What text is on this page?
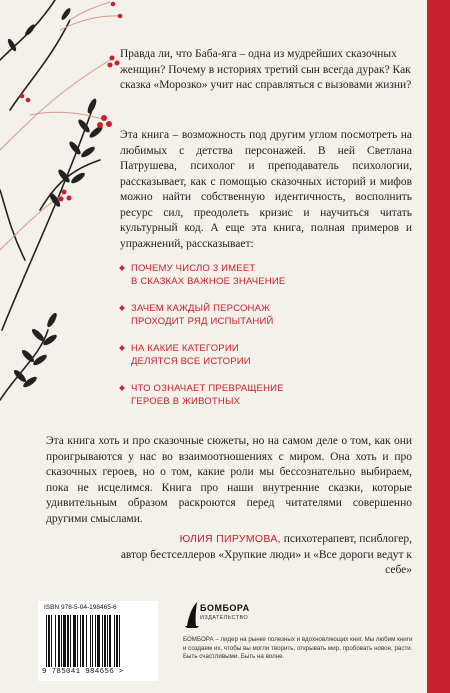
Правда ли, что Баба-яга – одна из мудрейших сказочных женщин? Почему в историях третий сын всегда дурак? Как сказка «Морозко» учит нас справляться с вызовами жизни?

Эта книга – возможность под другим углом посмотреть на любимых с детства персонажей. В ней Светлана Патрушева, психолог и преподаватель психологии, рассказывает, как с помощью сказочных историй и мифов можно найти собственную идентичность, восполнить ресурс сил, преодолеть кризис и научиться читать культурный код. А еще эта книга, полная примеров и упражнений, рассказывает:

ПОЧЕМУ ЧИСЛО 3 ИМЕЕТ
В СКАЗКАХ ВАЖНОЕ ЗНАЧЕНИЕ
ЗАЧЕМ КАЖДЫЙ ПЕРСОНАЖ
ПРОХОДИТ РЯД ИСПЫТАНИЙ
НА КАКИЕ КАТЕГОРИИ
ДЕЛЯТСЯ ВСЕ ИСТОРИИ
ЧТО ОЗНАЧАЕТ ПРЕВРАЩЕНИЕ
ГЕРОЕВ В ЖИВОТНЫХ

Эта книга хоть и про сказочные сюжеты, но на самом деле о том, как они проигрываются у нас во взаимоотношениях с миром. Она хоть и про сказочных героев, но о том, какие роли мы бессознательно выбираем, пока не исцелимся. Книга про наши внутренние сказки, которые удивительным образом раскроются перед читателями совершенно другими смыслами.

ЮЛИЯ ПИРУМОВА, психотерапевт, псиблогер,
автор бестселлеров «Хрупкие люди» и «Все дороги ведут к себе»

ISBN 978-5-04-198465-6
9 785041 984656 >
БОМБОРА
ИЗДАТЕЛЬСТВО

БОМБОРА – лидер на рынке полезных и вдохновляющих книг. Мы любим книги и создаем их, чтобы вы могли творить, открывать мир, пробовать новое, расти. Быть счастливыми. Быть на волне.
